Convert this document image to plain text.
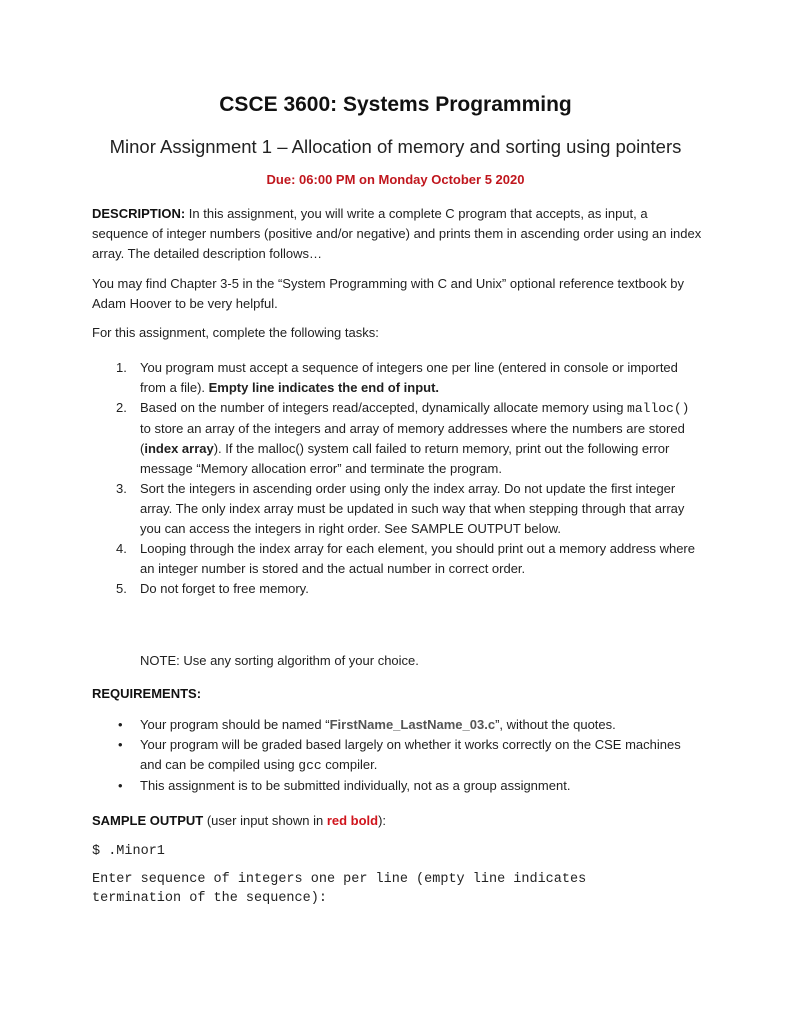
CSCE 3600: Systems Programming
Minor Assignment 1 – Allocation of memory and sorting using pointers
Due: 06:00 PM on Monday October 5 2020
DESCRIPTION: In this assignment, you will write a complete C program that accepts, as input, a sequence of integer numbers (positive and/or negative) and prints them in ascending order using an index array. The detailed description follows…
You may find Chapter 3-5 in the “System Programming with C and Unix” optional reference textbook by Adam Hoover to be very helpful.
For this assignment, complete the following tasks:
1. You program must accept a sequence of integers one per line (entered in console or imported from a file). Empty line indicates the end of input.
2. Based on the number of integers read/accepted, dynamically allocate memory using malloc() to store an array of the integers and array of memory addresses where the numbers are stored (index array). If the malloc() system call failed to return memory, print out the following error message “Memory allocation error” and terminate the program.
3. Sort the integers in ascending order using only the index array. Do not update the first integer array. The only index array must be updated in such way that when stepping through that array you can access the integers in right order. See SAMPLE OUTPUT below.
4. Looping through the index array for each element, you should print out a memory address where an integer number is stored and the actual number in correct order.
5. Do not forget to free memory.
NOTE: Use any sorting algorithm of your choice.
REQUIREMENTS:
• Your program should be named “FirstName_LastName_03.c”, without the quotes.
• Your program will be graded based largely on whether it works correctly on the CSE machines and can be compiled using gcc compiler.
• This assignment is to be submitted individually, not as a group assignment.
SAMPLE OUTPUT (user input shown in red bold):
$ .Minor1
Enter sequence of integers one per line (empty line indicates
termination of the sequence):
